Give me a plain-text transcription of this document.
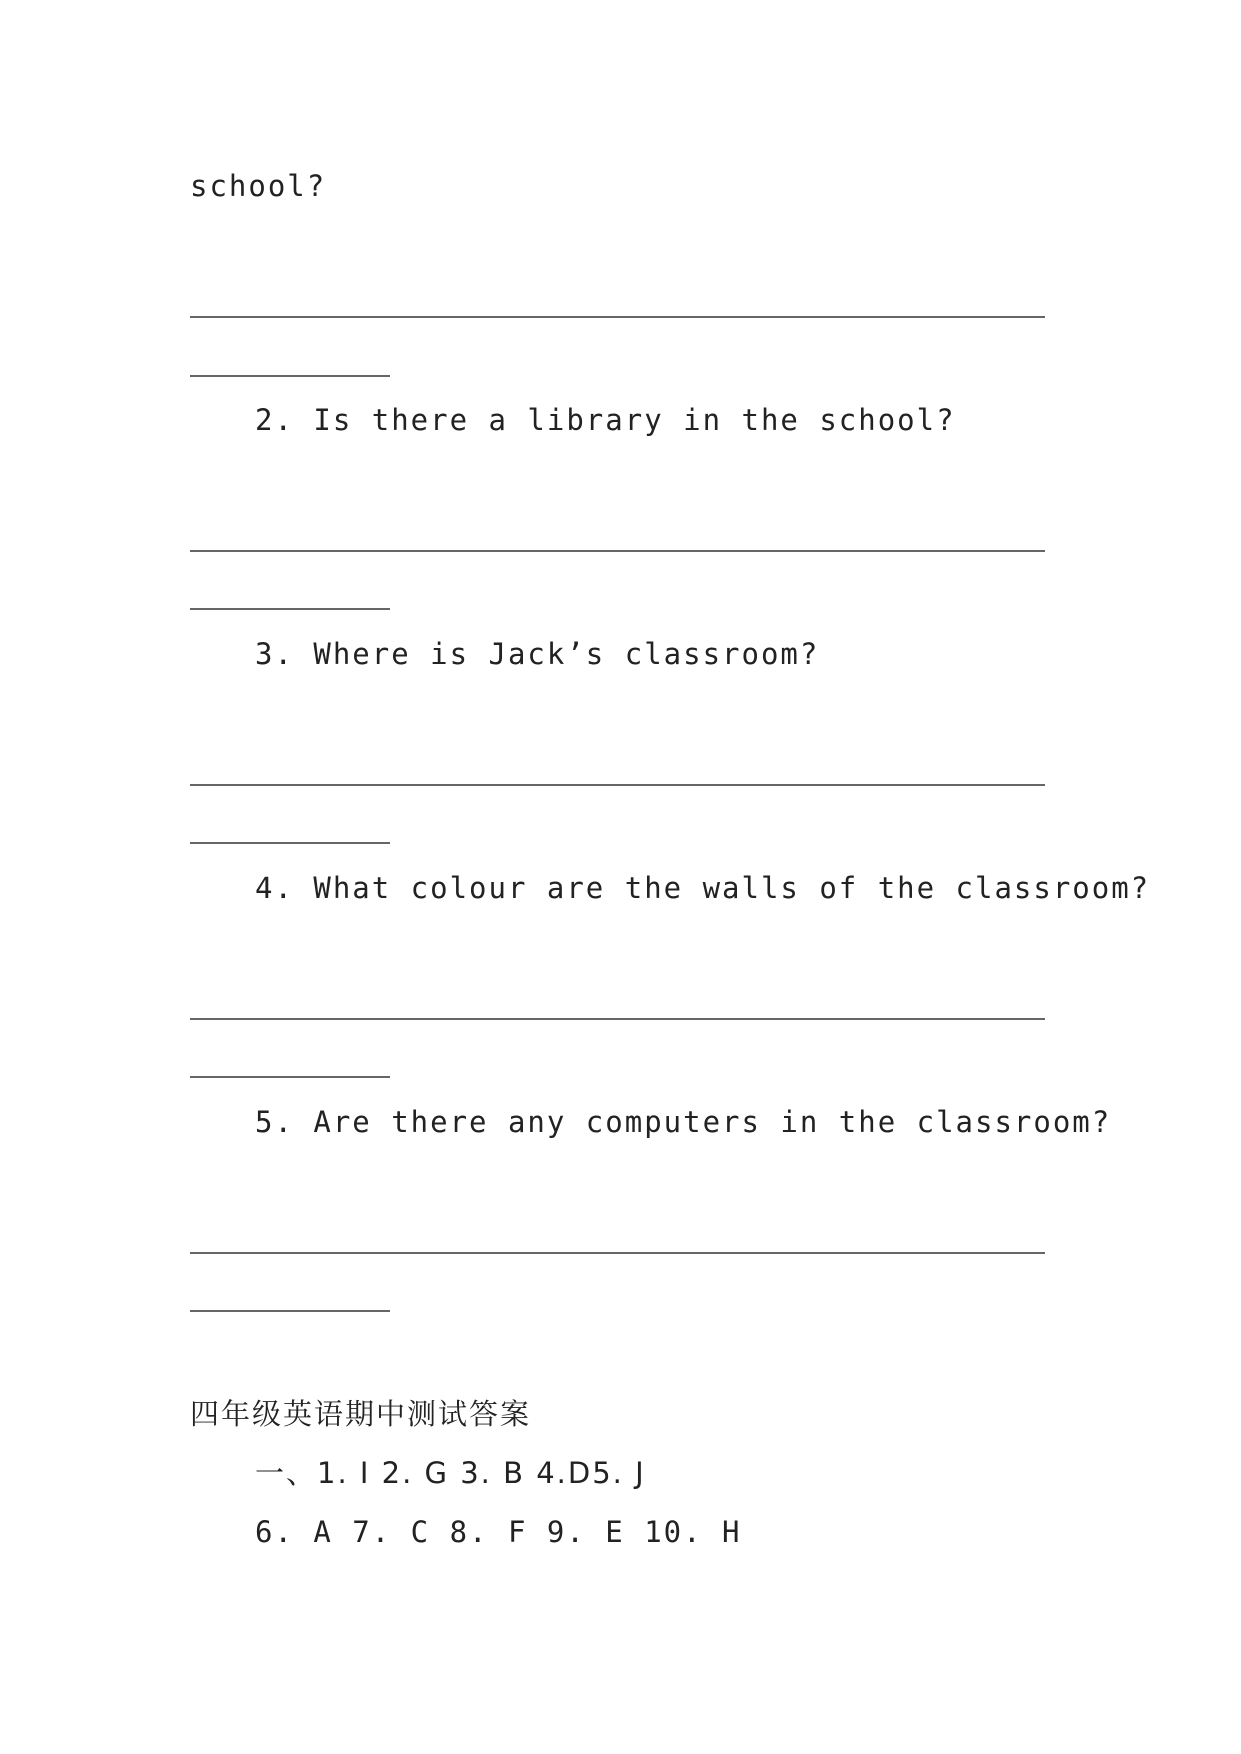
school?
2. Is there a library in the school?
3. Where is Jack’s classroom?
4. What colour are the walls of the classroom?
5. Are there any computers in the classroom?
四年级英语期中测试答案
一、1. I 2. G 3. B 4.D5. J
6. A 7. C 8. F 9. E 10. H
